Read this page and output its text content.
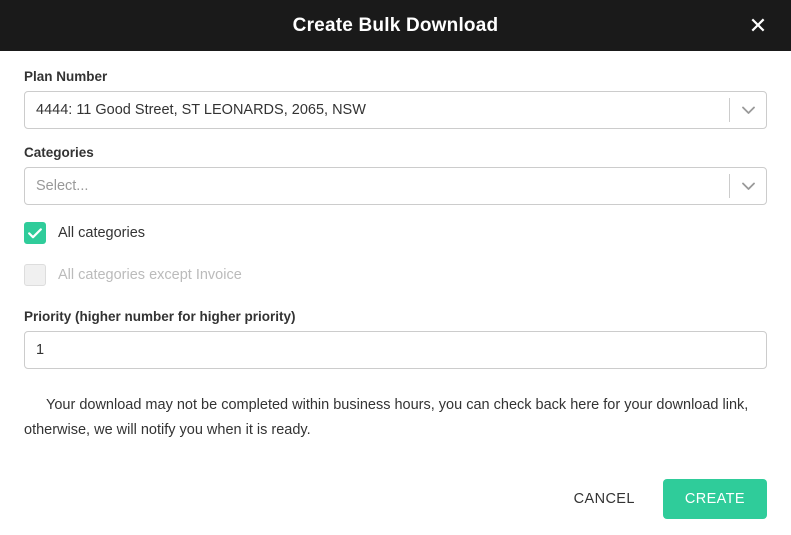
Create Bulk Download	✕
Plan Number
4444: 11 Good Street, ST LEONARDS, 2065, NSW
Categories
Select...
All categories
All categories except Invoice
Priority (higher number for higher priority)
1
Your download may not be completed within business hours, you can check back here for your download link, otherwise, we will notify you when it is ready.
CANCEL	CREATE
